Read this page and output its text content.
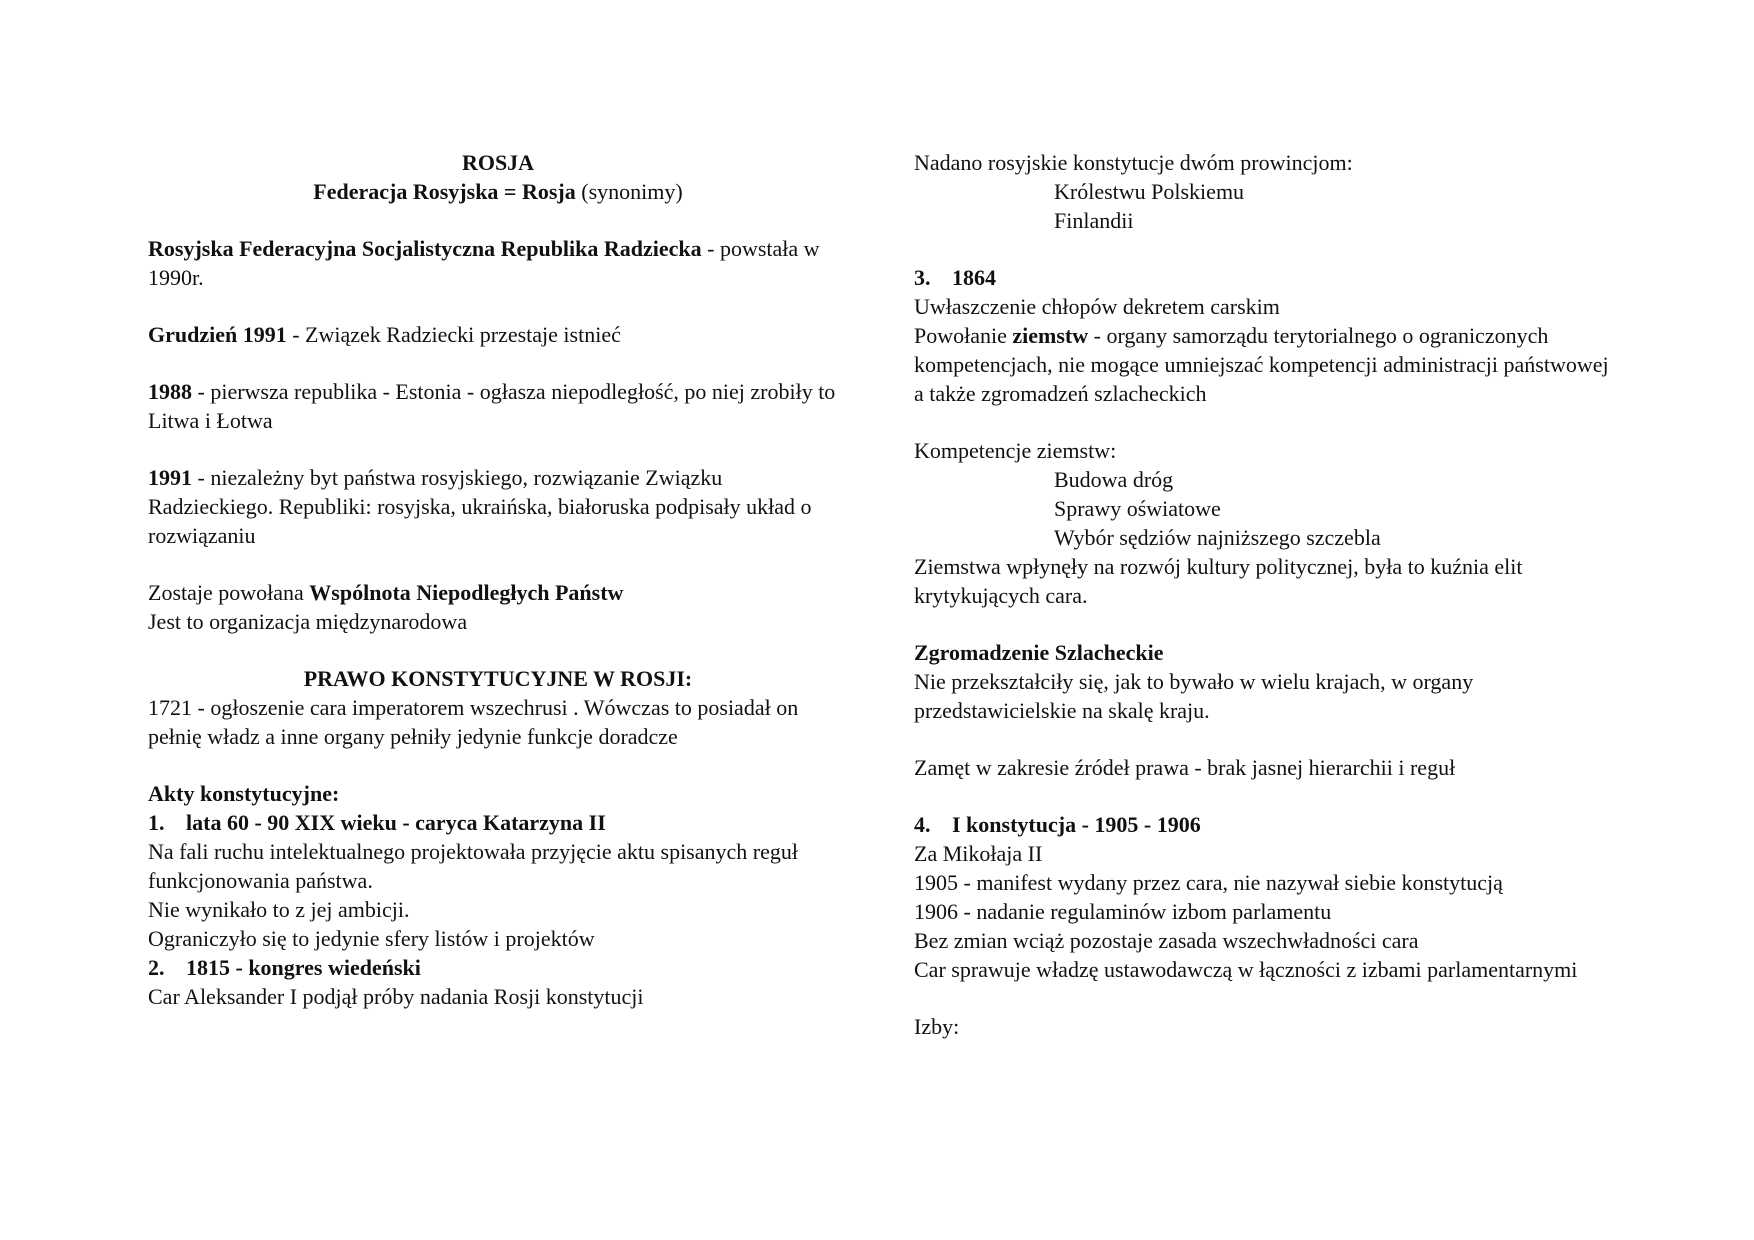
ROSJA

Federacja Rosyjska = Rosja (synonimy)

Rosyjska Federacyjna Socjalistyczna Republika Radziecka - powstała w 1990r.

Grudzień 1991 - Związek Radziecki przestaje istnieć

1988 - pierwsza republika - Estonia - ogłasza niepodległość, po niej zrobiły to Litwa i Łotwa

1991 - niezależny byt państwa rosyjskiego, rozwiązanie Związku Radzieckiego. Republiki: rosyjska, ukraińska, białoruska podpisały układ o rozwiązaniu

Zostaje powołana Wspólnota Niepodległych Państw

Jest to organizacja międzynarodowa

PRAWO KONSTYTUCYJNE W ROSJI:

1721 - ogłoszenie cara imperatorem wszechrusi . Wówczas to posiadał on pełnię władz a inne organy pełniły jedynie funkcje doradcze

Akty konstytucyjne:

1. lata 60 - 90 XIX wieku - caryca Katarzyna II

Na fali ruchu intelektualnego projektowała przyjęcie aktu spisanych reguł funkcjonowania państwa.

Nie wynikało to z jej ambicji.

Ograniczyło się to jedynie sfery listów i projektów

2. 1815 - kongres wiedeński

Car Aleksander I podjął próby nadania Rosji konstytucji

Nadano rosyjskie konstytucje dwóm prowincjom:

Królestwu Polskiemu
Finlandii

3. 1864

Uwłaszczenie chłopów dekretem carskim

Powołanie ziemstw - organy samorządu terytorialnego o ograniczonych kompetencjach, nie mogące umniejszać kompetencji administracji państwowej a także zgromadzeń szlacheckich

Kompetencje ziemstw:

Budowa dróg
Sprawy oświatowe
Wybór sędziów najniższego szczebla

Ziemstwa wpłynęły na rozwój kultury politycznej, była to kuźnia elit krytykujących cara.

Zgromadzenie Szlacheckie

Nie przekształciły się, jak to bywało w wielu krajach, w organy przedstawicielskie na skalę kraju.

Zamęt w zakresie źródeł prawa - brak jasnej hierarchii i reguł

4. I konstytucja - 1905 - 1906

Za Mikołaja II

1905 - manifest wydany przez cara, nie nazywał siebie konstytucją

1906 - nadanie regulaminów izbom parlamentu

Bez zmian wciąż pozostaje zasada wszechwładności cara

Car sprawuje władzę ustawodawczą w łączności z izbami parlamentarnymi

Izby:
